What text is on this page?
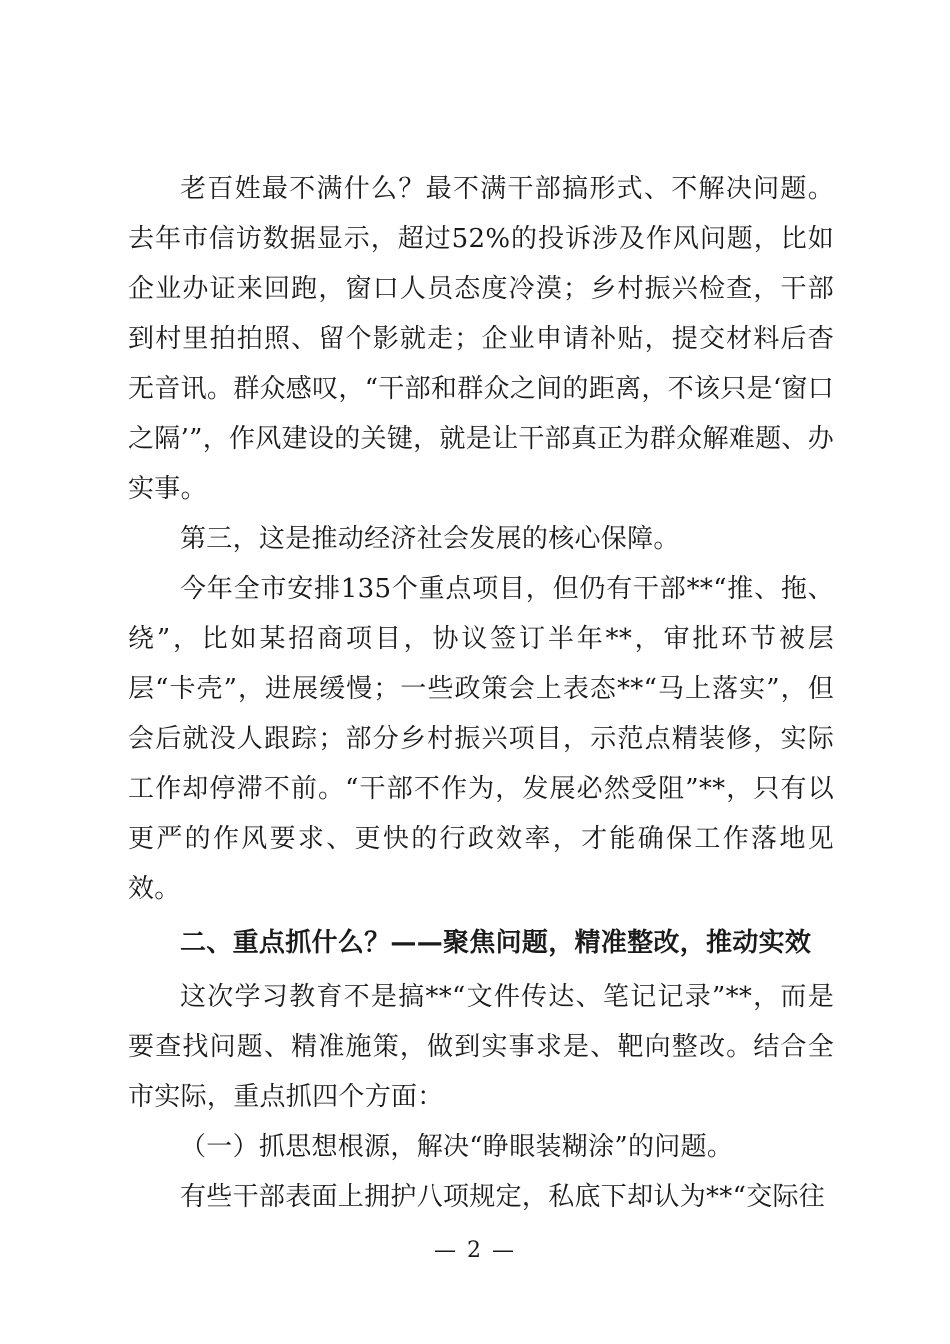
老百姓最不满什么？最不满干部搞形式、不解决问题。去年市信访数据显示，超过52%的投诉涉及作风问题，比如企业办证来回跑，窗口人员态度冷漠；乡村振兴检查，干部到村里拍拍照、留个影就走；企业申请补贴，提交材料后杳无音讯。群众感叹，“干部和群众之间的距离，不该只是‘窗口之隔’”，作风建设的关键，就是让干部真正为群众解难题、办实事。

第三，这是推动经济社会发展的核心保障。

今年全市安排135个重点项目，但仍有干部**“推、拖、绕”，比如某招商项目，协议签订半年**，审批环节被层层“卡壳”，进展缓慢；一些政策会上表态**“马上落实”，但会后就没人跟踪；部分乡村振兴项目，示范点精装修，实际工作却停滞不前。“干部不作为，发展必然受阻”**，只有以更严的作风要求、更快的行政效率，才能确保工作落地见效。

二、重点抓什么？——聚焦问题，精准整改，推动实效

这次学习教育不是搞**“文件传达、笔记记录”**，而是要查找问题、精准施策，做到实事求是、靶向整改。结合全市实际，重点抓四个方面：

（一）抓思想根源，解决“睁眼装糊涂”的问题。

有些干部表面上拥护八项规定，私底下却认为**“交际往

— 2 —
